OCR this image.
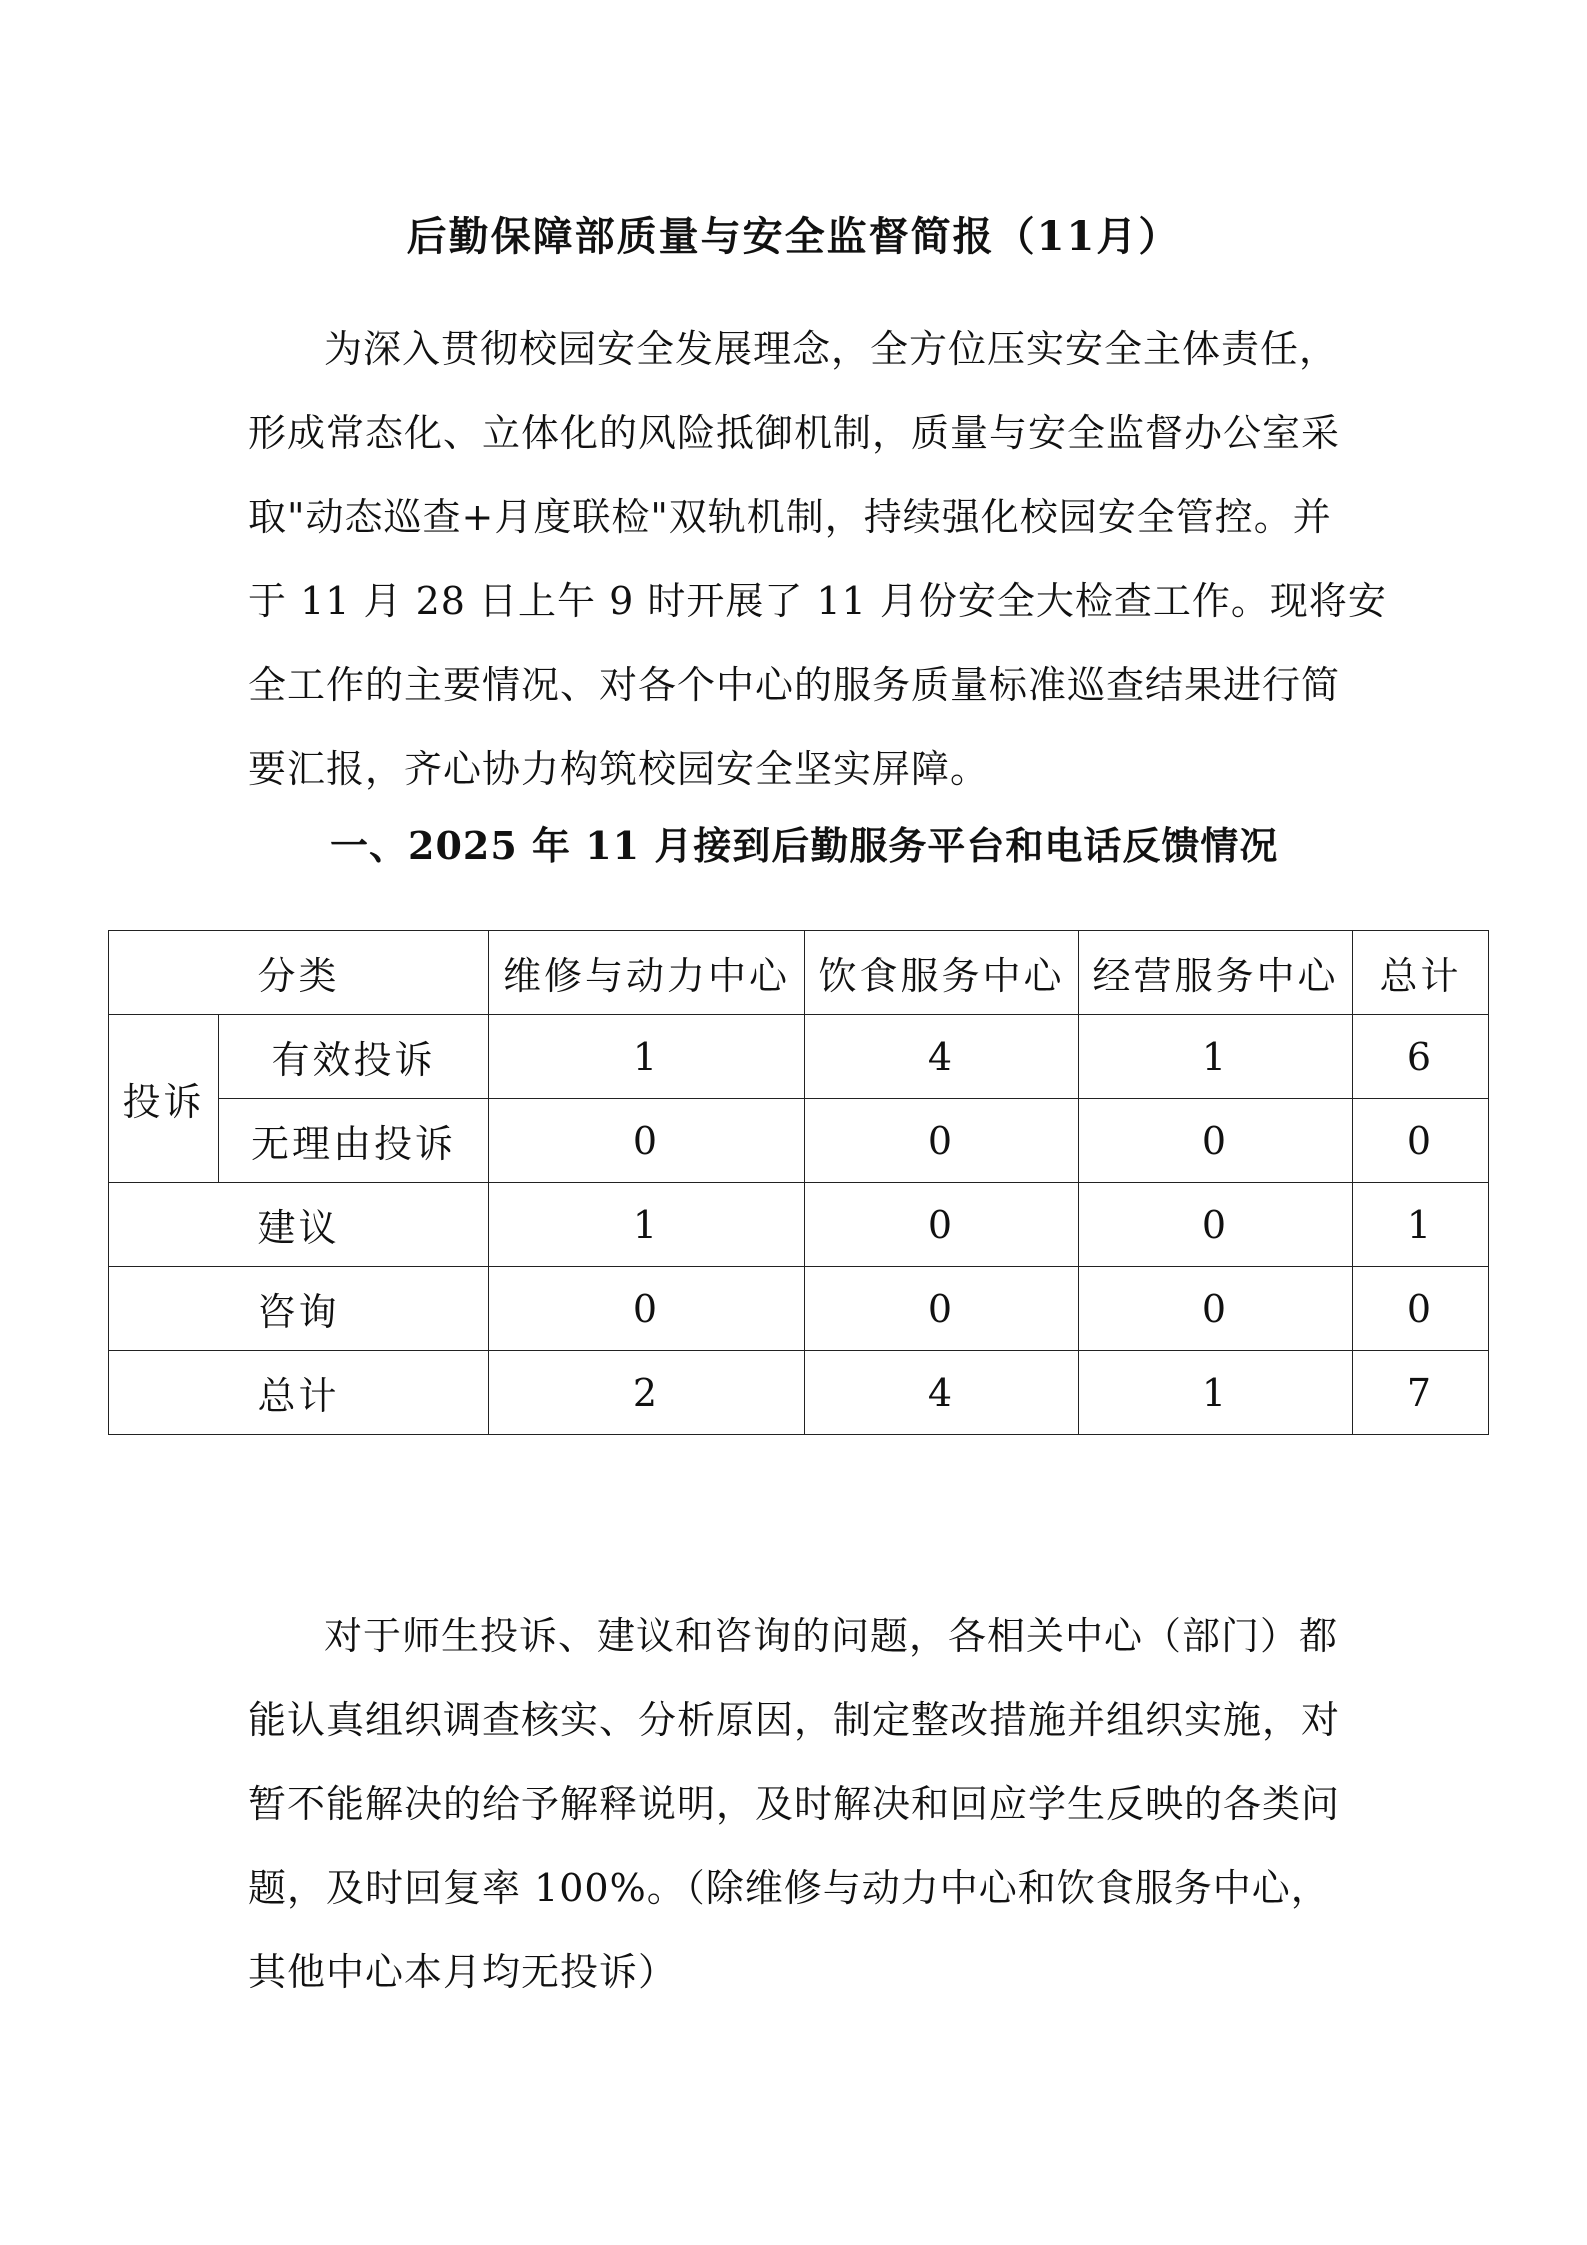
后勤保障部质量与安全监督简报（11月）
为深入贯彻校园安全发展理念，全方位压实安全主体责任，
形成常态化、立体化的风险抵御机制，质量与安全监督办公室采
取"动态巡查+月度联检"双轨机制，持续强化校园安全管控。并
于 11 月 28 日上午 9 时开展了 11 月份安全大检查工作。现将安
全工作的主要情况、对各个中心的服务质量标准巡查结果进行简
要汇报，齐心协力构筑校园安全坚实屏障。
一、2025 年 11 月接到后勤服务平台和电话反馈情况
分类		维修与动力中心	饮食服务中心	经营服务中心	总计
投诉	有效投诉	1	4	1	6
	无理由投诉	0	0	0	0
建议		1	0	0	1
咨询		0	0	0	0
总计		2	4	1	7
对于师生投诉、建议和咨询的问题，各相关中心（部门）都
能认真组织调查核实、分析原因，制定整改措施并组织实施，对
暂不能解决的给予解释说明，及时解决和回应学生反映的各类问
题，及时回复率 100%。（除维修与动力中心和饮食服务中心，
其他中心本月均无投诉）
